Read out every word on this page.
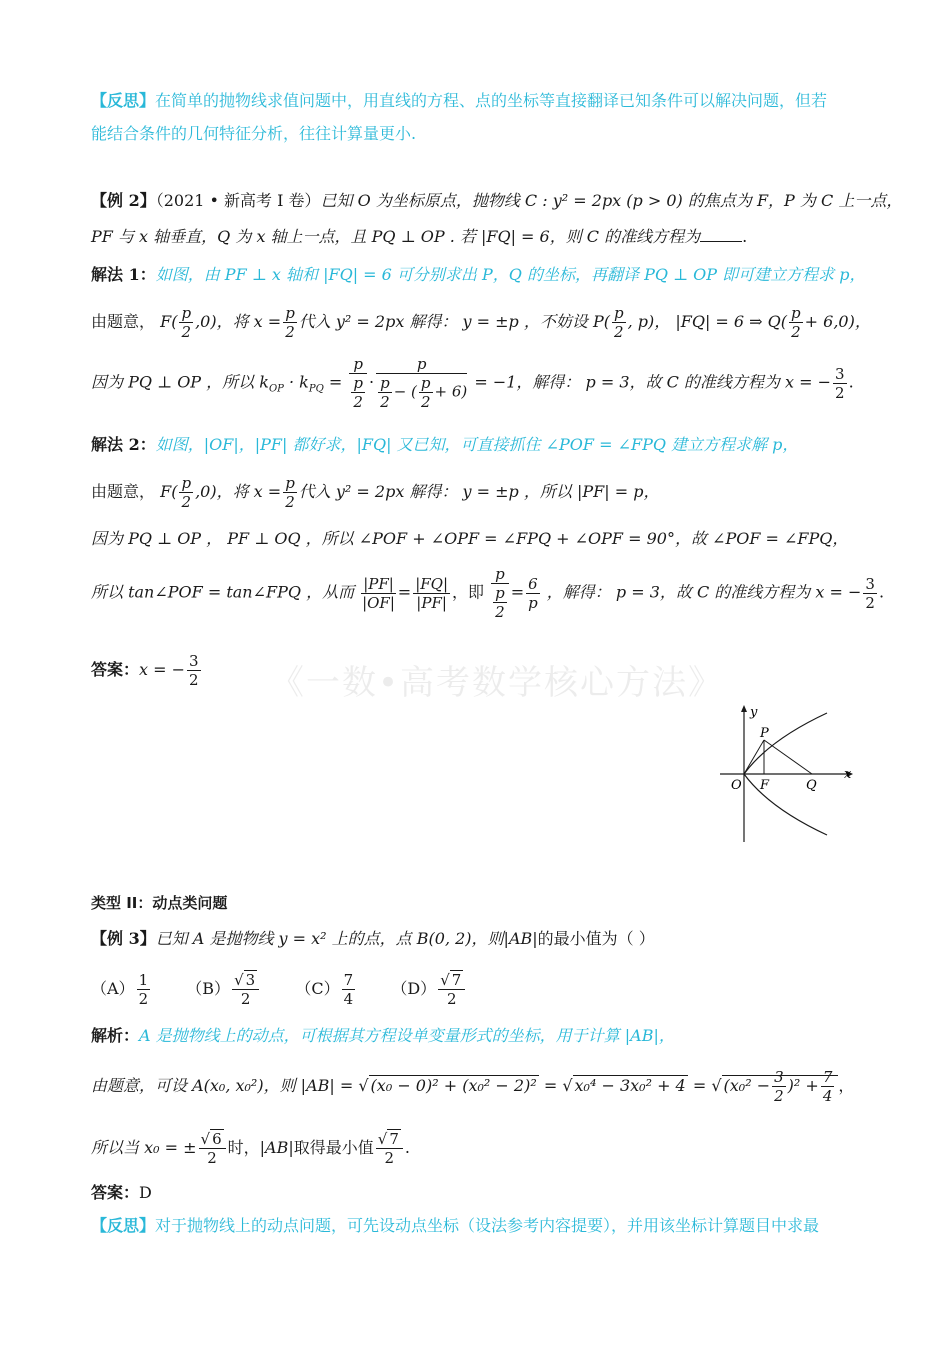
【反思】在简单的抛物线求值问题中，用直线的方程、点的坐标等直接翻译已知条件可以解决问题，但若
能结合条件的几何特征分析，往往计算量更小.
【例 2】（2021 • 新高考 I 卷）已知 O 为坐标原点，抛物线 C : y² = 2px (p > 0) 的焦点为 F，P 为 C 上一点，
PF 与 x 轴垂直，Q 为 x 轴上一点，且 PQ ⊥ OP . 若 |FQ| = 6，则 C 的准线方程为	.
解法 1：如图，由 PF ⊥ x 轴和 |FQ| = 6 可分别求出 P，Q 的坐标，再翻译 PQ ⊥ OP 即可建立方程求 p，
由题意， $F( \frac{p}{2} ,0)$，将 $x = \frac{p}{2}$ 代入 y² = 2px 解得： y = ±p ，不妨设 $P( \frac{p}{2}$ , p)， |FQ| = 6 ⇒ $Q( \frac{p}{2} + 6,0)$，
因为 PQ ⊥ OP ，所以 $k_{OP} \cdot k_{PQ} = \frac{p}{\frac{p}{2}} \cdot \frac{p}{\frac{p}{2} - ( \frac{p}{2} + 6)} = -1$，解得： p = 3，故 C 的准线方程为 x = − $\frac{3}{2}$ .
解法 2：如图，|OF|，|PF| 都好求，|FQ| 又已知，可直接抓住 ∠POF = ∠FPQ 建立方程求解 p，
由题意， $F( \frac{p}{2} ,0)$，将 $x = \frac{p}{2}$ 代入 y² = 2px 解得： y = ±p ，所以 |PF| = p，
因为 PQ ⊥ OP ， PF ⊥ OQ ，所以 ∠POF + ∠OPF = ∠FPQ + ∠OPF = 90°，故 ∠POF = ∠FPQ，
所以 tan∠POF = tan∠FPQ ，从而 $\frac{|PF|}{|OF|} = \frac{|FQ|}{|PF|}$ ，即 $\frac{p}{\frac{p}{2}} = \frac{6}{p}$ ，解得： p = 3，故 C 的准线方程为 x = − $\frac{3}{2}$ .
答案：x = − $\frac{3}{2}$ 《一数•高考数学核心方法》
y
x
O F
P
Q
类型 II：动点类问题
【例 3】已知 A 是抛物线 y = x² 上的点，点 B(0, 2)，则|AB|的最小值为（ ）
$(A) \frac{1}{2} (B) \frac{√ 3}{2} (C) \frac{7}{4} (D) \frac{√ 7}{2}$
解析：A 是抛物线上的动点，可根据其方程设单变量形式的坐标，用于计算 |AB|，
由题意，可设 A(x₀, x₀²)，则 |AB| = √ (x₀ − 0)² + (x₀² − 2)² = √ x₀⁴ − 3x₀² + 4 = √ $(x_0^2 - \frac{3}{2} )^2 + \frac{7}{4}$ ，
所以当 x₀ = ± $\frac{√ 6}{2}$ 时，|AB|取得最小值 $\frac{√ 7}{2}$ .
答案：D
【反思】对于抛物线上的动点问题，可先设动点坐标（设法参考内容提要），并用该坐标计算题目中求最
